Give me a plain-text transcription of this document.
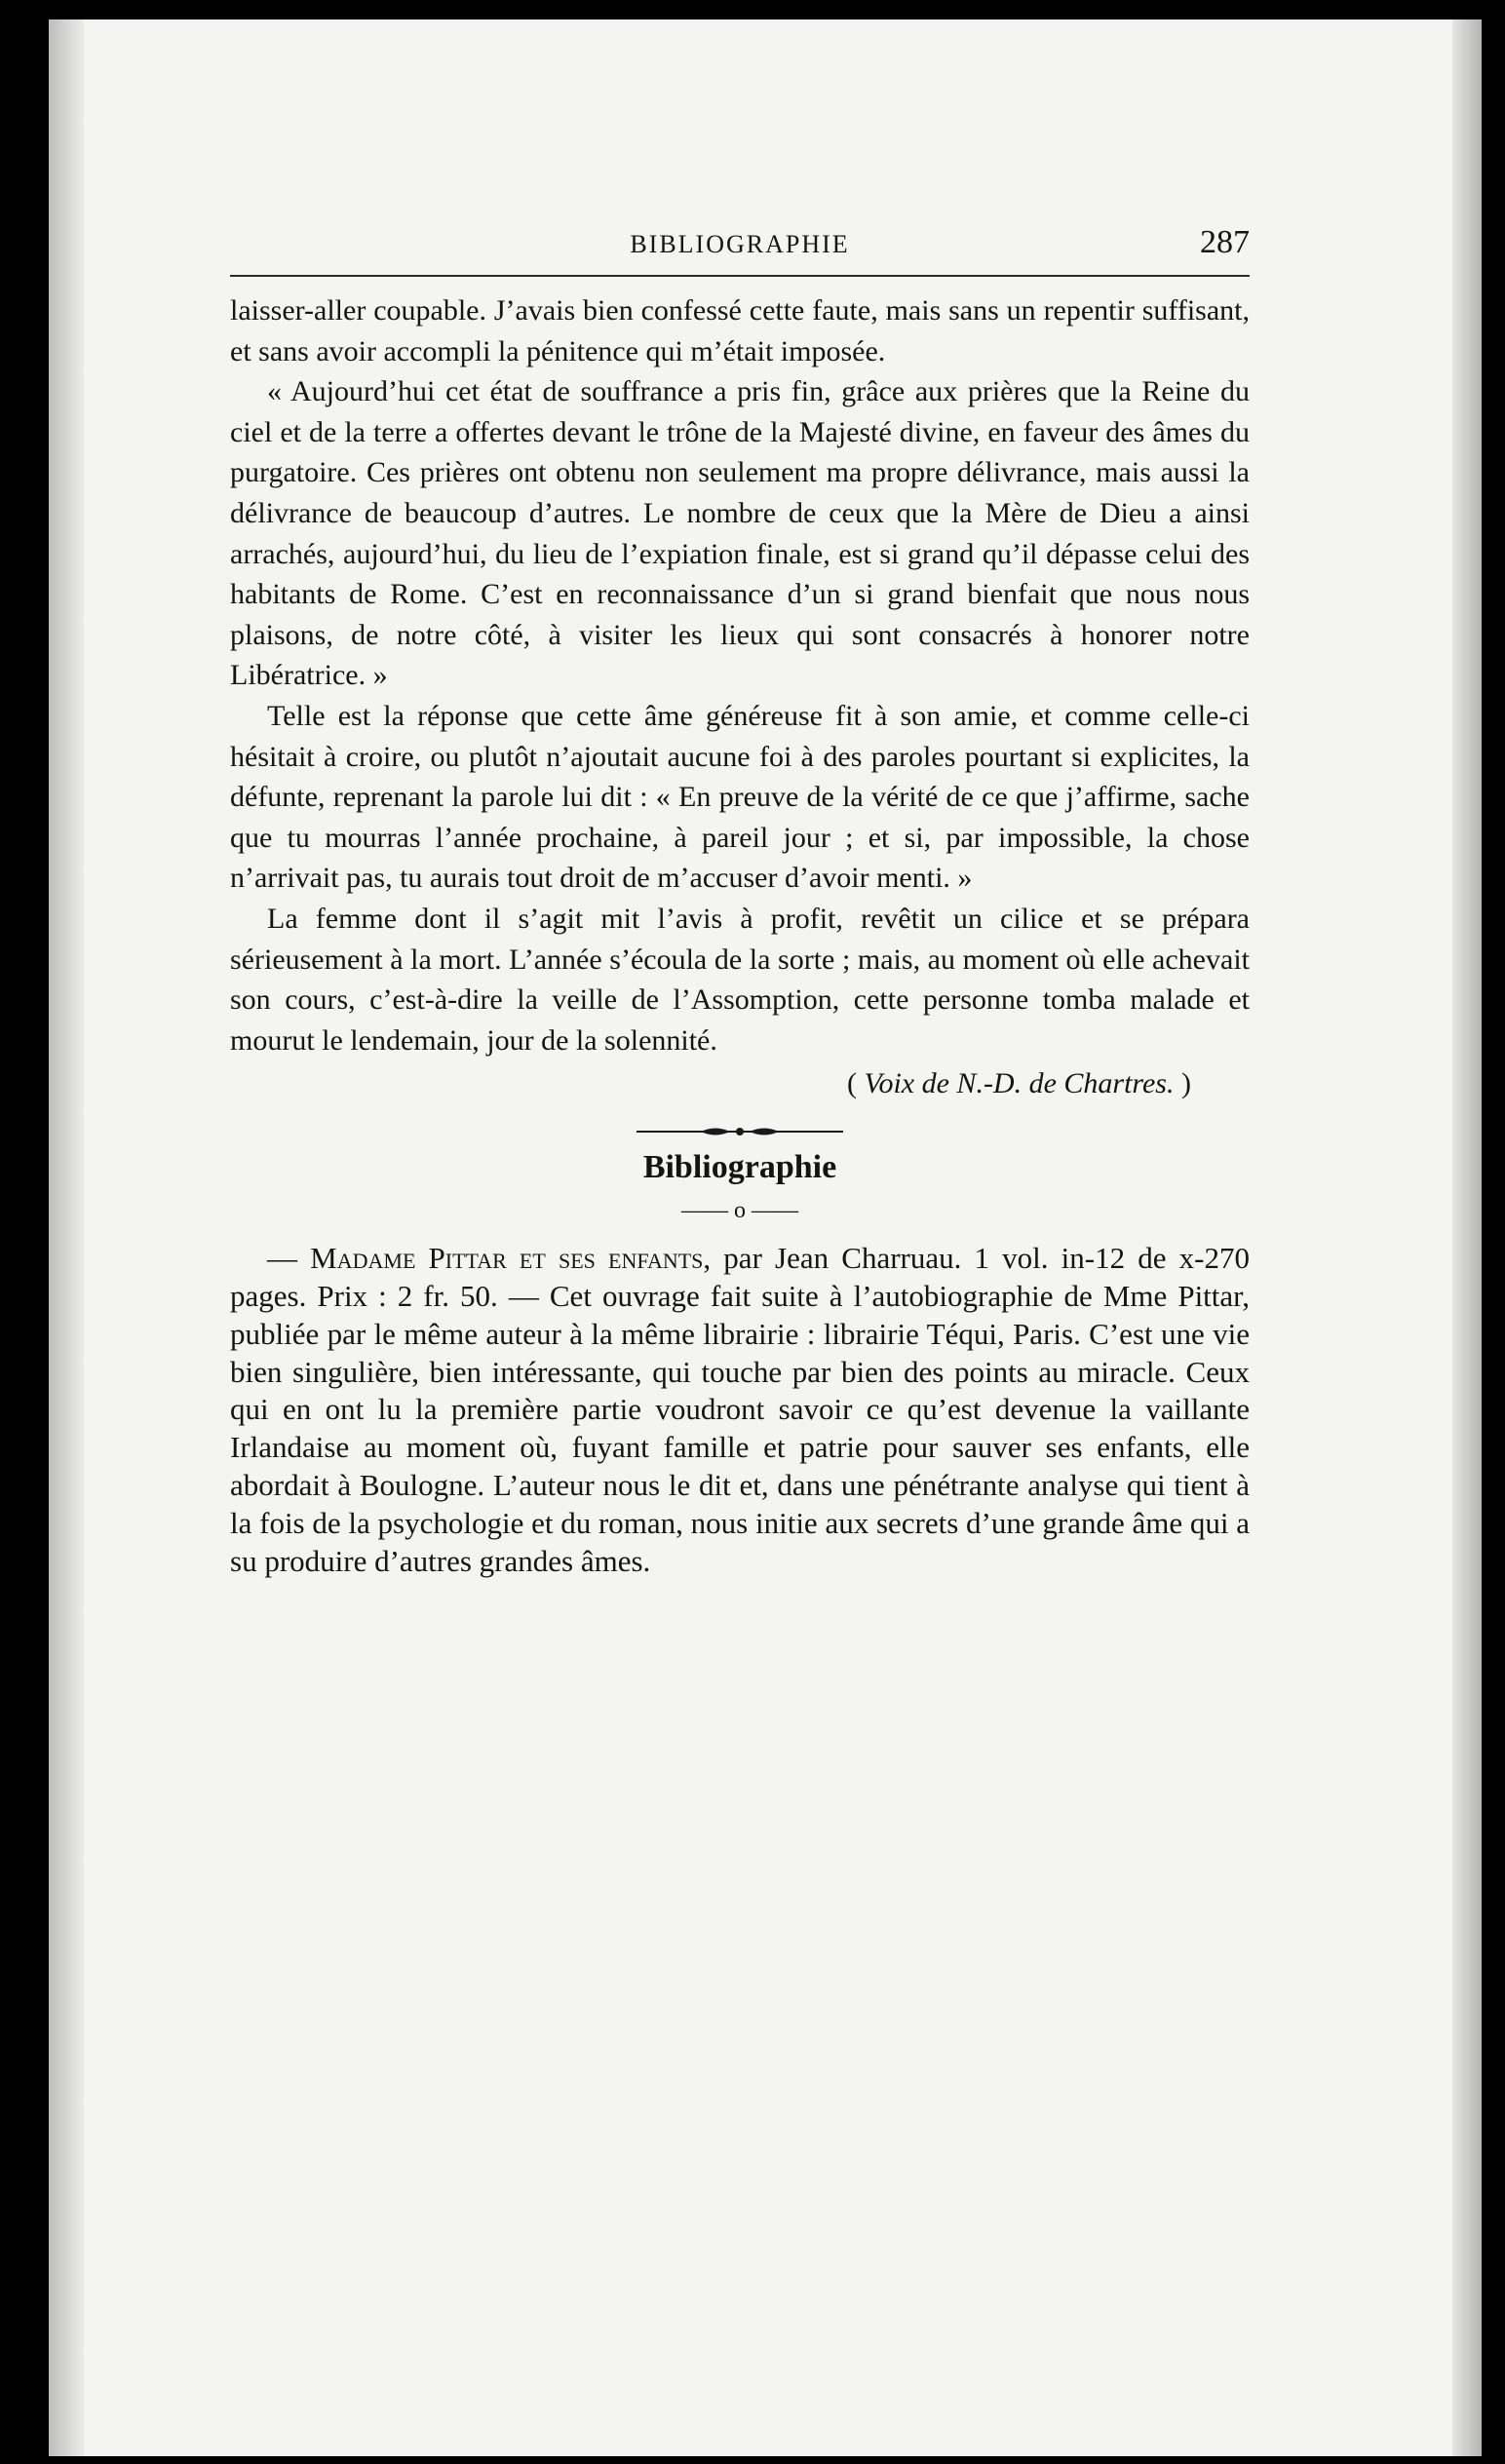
BIBLIOGRAPHIE	287

laisser-aller coupable. J’avais bien confessé cette faute, mais sans un repentir suffisant, et sans avoir accompli la pénitence qui m’était imposée.

« Aujourd’hui cet état de souffrance a pris fin, grâce aux prières que la Reine du ciel et de la terre a offertes devant le trône de la Majesté divine, en faveur des âmes du purgatoire. Ces prières ont obtenu non seulement ma propre délivrance, mais aussi la délivrance de beaucoup d’autres. Le nombre de ceux que la Mère de Dieu a ainsi arrachés, aujourd’hui, du lieu de l’expiation finale, est si grand qu’il dépasse celui des habitants de Rome. C’est en reconnaissance d’un si grand bienfait que nous nous plaisons, de notre côté, à visiter les lieux qui sont consacrés à honorer notre Libératrice. »

Telle est la réponse que cette âme généreuse fit à son amie, et comme celle-ci hésitait à croire, ou plutôt n’ajoutait aucune foi à des paroles pourtant si explicites, la défunte, reprenant la parole lui dit : « En preuve de la vérité de ce que j’affirme, sache que tu mourras l’année prochaine, à pareil jour ; et si, par impossible, la chose n’arrivait pas, tu aurais tout droit de m’accuser d’avoir menti. »

La femme dont il s’agit mit l’avis à profit, revêtit un cilice et se prépara sérieusement à la mort. L’année s’écoula de la sorte ; mais, au moment où elle achevait son cours, c’est-à-dire la veille de l’Assomption, cette personne tomba malade et mourut le lendemain, jour de la solennité.

( Voix de N.-D. de Chartres. )
Bibliographie
—— o ——

— Madame Pittar et ses enfants, par Jean Charruau. 1 vol. in-12 de x-270 pages. Prix : 2 fr. 50. — Cet ouvrage fait suite à l’autobiographie de Mme Pittar, publiée par le même auteur à la même librairie : librairie Téqui, Paris. C’est une vie bien singulière, bien intéressante, qui touche par bien des points au miracle. Ceux qui en ont lu la première partie voudront savoir ce qu’est devenue la vaillante Irlandaise au moment où, fuyant famille et patrie pour sauver ses enfants, elle abordait à Boulogne. L’auteur nous le dit et, dans une pénétrante analyse qui tient à la fois de la psychologie et du roman, nous initie aux secrets d’une grande âme qui a su produire d’autres grandes âmes.
